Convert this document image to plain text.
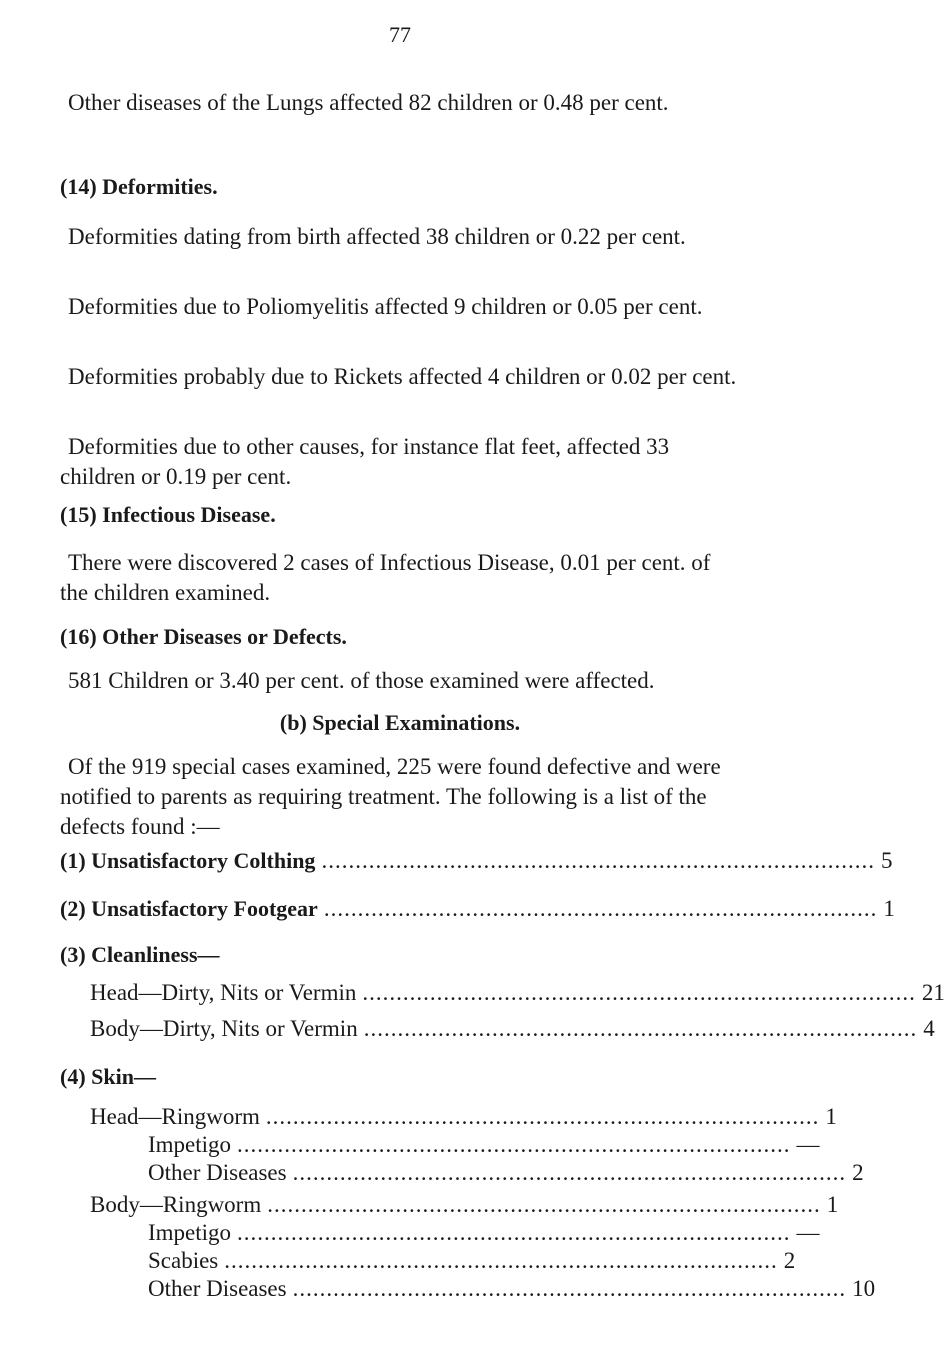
77

Other diseases of the Lungs affected 82 children or 0.48 per cent.

(14) Deformities.

Deformities dating from birth affected 38 children or 0.22 per cent.

Deformities due to Poliomyelitis affected 9 children or 0.05 per cent.

Deformities probably due to Rickets affected 4 children or 0.02 per cent.

Deformities due to other causes, for instance flat feet, affected 33 children or 0.19 per cent.

(15) Infectious Disease.

There were discovered 2 cases of Infectious Disease, 0.01 per cent. of the children examined.

(16) Other Diseases or Defects.

581 Children or 3.40 per cent. of those examined were affected.

(b) Special Examinations.

Of the 919 special cases examined, 225 were found defective and were notified to parents as requiring treatment. The following is a list of the defects found :—

(1) Unsatisfactory Colthing .................................................................................. 5
(2) Unsatisfactory Footgear .................................................................................. 1

(3) Cleanliness—

Head—Dirty, Nits or Vermin .................................................................................. 21
Body—Dirty, Nits or Vermin .................................................................................. 4

(4) Skin—

Head—Ringworm .................................................................................. 1
Impetigo .................................................................................. —
Other Diseases .................................................................................. 2
Body—Ringworm .................................................................................. 1
Impetigo .................................................................................. —
Scabies .................................................................................. 2
Other Diseases .................................................................................. 10
